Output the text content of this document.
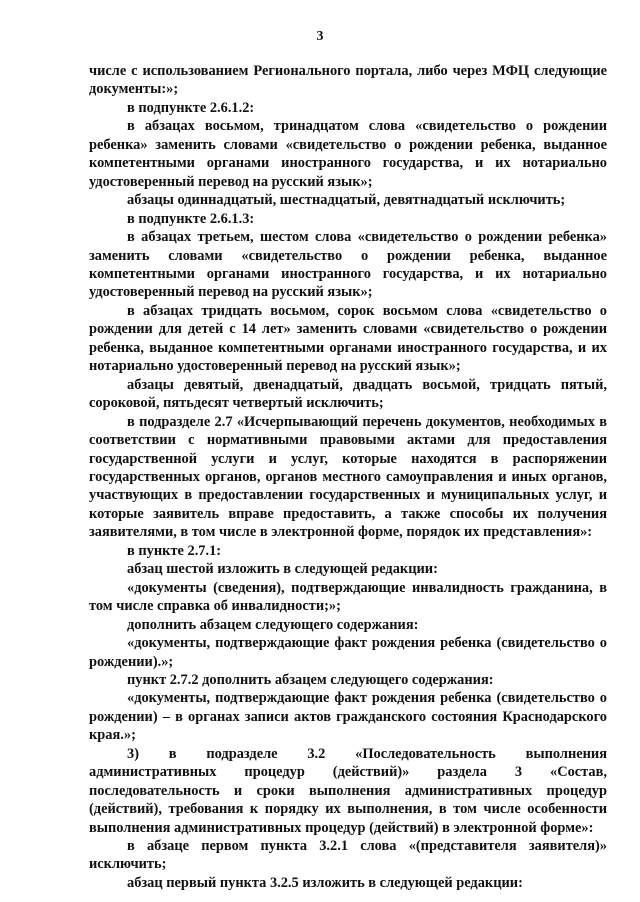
3

числе с использованием Регионального портала, либо через МФЦ следующие документы:»;

в подпункте 2.6.1.2:

в абзацах восьмом, тринадцатом слова «свидетельство о рождении ребенка» заменить словами «свидетельство о рождении ребенка, выданное компетентными органами иностранного государства, и их нотариально удостоверенный перевод на русский язык»;

абзацы одиннадцатый, шестнадцатый, девятнадцатый исключить;

в подпункте 2.6.1.3:

в абзацах третьем, шестом слова «свидетельство о рождении ребенка» заменить словами «свидетельство о рождении ребенка, выданное компетентными органами иностранного государства, и их нотариально удостоверенный перевод на русский язык»;

в абзацах тридцать восьмом, сорок восьмом слова «свидетельство о рождении для детей с 14 лет» заменить словами «свидетельство о рождении ребенка, выданное компетентными органами иностранного государства, и их нотариально удостоверенный перевод на русский язык»;

абзацы девятый, двенадцатый, двадцать восьмой, тридцать пятый, сороковой, пятьдесят четвертый исключить;

в подразделе 2.7 «Исчерпывающий перечень документов, необходимых в соответствии с нормативными правовыми актами для предоставления государственной услуги и услуг, которые находятся в распоряжении государственных органов, органов местного самоуправления и иных органов, участвующих в предоставлении государственных и муниципальных услуг, и которые заявитель вправе предоставить, а также способы их получения заявителями, в том числе в электронной форме, порядок их представления»:

в пункте 2.7.1:

абзац шестой изложить в следующей редакции:

«документы (сведения), подтверждающие инвалидность гражданина, в том числе справка об инвалидности;»;

дополнить абзацем следующего содержания:

«документы, подтверждающие факт рождения ребенка (свидетельство о рождении).»;

пункт 2.7.2 дополнить абзацем следующего содержания:

«документы, подтверждающие факт рождения ребенка (свидетельство о рождении) – в органах записи актов гражданского состояния Краснодарского края.»;

3) в подразделе 3.2 «Последовательность выполнения административных процедур (действий)» раздела 3 «Состав, последовательность и сроки выполнения административных процедур (действий), требования к порядку их выполнения, в том числе особенности выполнения административных процедур (действий) в электронной форме»:

в абзаце первом пункта 3.2.1 слова «(представителя заявителя)» исключить;

абзац первый пункта 3.2.5 изложить в следующей редакции:
